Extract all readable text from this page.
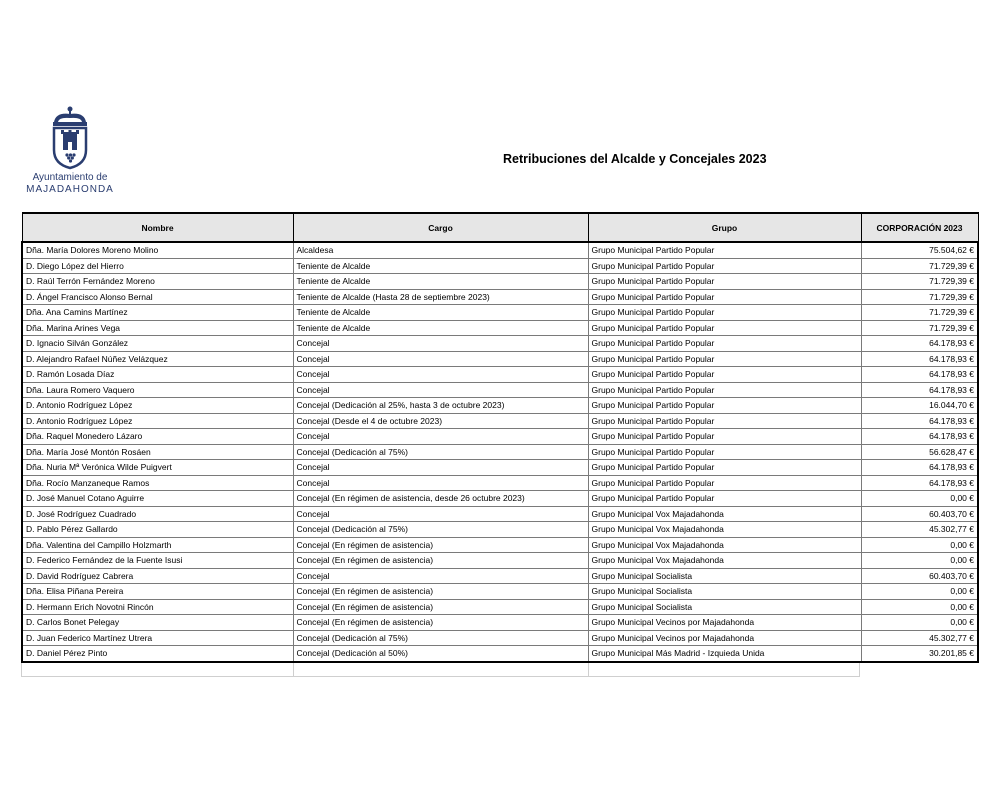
Ayuntamiento de
MAJADAHONDA
Retribuciones del Alcalde y Concejales 2023
Nombre	Cargo	Grupo	CORPORACIÓN 2023
Dña. María Dolores Moreno Molino	Alcaldesa	Grupo Municipal Partido Popular	75.504,62 €
D. Diego López del Hierro	Teniente de Alcalde	Grupo Municipal Partido Popular	71.729,39 €
D. Raúl Terrón Fernández Moreno	Teniente de Alcalde	Grupo Municipal Partido Popular	71.729,39 €
D. Ángel Francisco Alonso Bernal	Teniente de Alcalde (Hasta 28 de septiembre 2023)	Grupo Municipal Partido Popular	71.729,39 €
Dña. Ana Camins Martínez	Teniente de Alcalde	Grupo Municipal Partido Popular	71.729,39 €
Dña. Marina Arines Vega	Teniente de Alcalde	Grupo Municipal Partido Popular	71.729,39 €
D. Ignacio Silván González	Concejal	Grupo Municipal Partido Popular	64.178,93 €
D. Alejandro Rafael Núñez Velázquez	Concejal	Grupo Municipal Partido Popular	64.178,93 €
D. Ramón Losada Díaz	Concejal	Grupo Municipal Partido Popular	64.178,93 €
Dña. Laura Romero Vaquero	Concejal	Grupo Municipal Partido Popular	64.178,93 €
D. Antonio Rodríguez López	Concejal (Dedicación al 25%, hasta 3 de octubre 2023)	Grupo Municipal Partido Popular	16.044,70 €
D. Antonio Rodríguez López	Concejal (Desde el 4 de octubre 2023)	Grupo Municipal Partido Popular	64.178,93 €
Dña. Raquel Monedero Lázaro	Concejal	Grupo Municipal Partido Popular	64.178,93 €
Dña. María José Montón Rosáen	Concejal (Dedicación al 75%)	Grupo Municipal Partido Popular	56.628,47 €
Dña. Nuria Mª Verónica Wilde Puigvert	Concejal	Grupo Municipal Partido Popular	64.178,93 €
Dña. Rocío Manzaneque Ramos	Concejal	Grupo Municipal Partido Popular	64.178,93 €
D. José Manuel Cotano Aguirre	Concejal (En régimen de asistencia, desde 26 octubre 2023)	Grupo Municipal Partido Popular	0,00 €
D. José Rodríguez Cuadrado	Concejal	Grupo Municipal Vox Majadahonda	60.403,70 €
D. Pablo Pérez Gallardo	Concejal (Dedicación al 75%)	Grupo Municipal Vox Majadahonda	45.302,77 €
Dña. Valentina del Campillo Holzmarth	Concejal (En régimen de asistencia)	Grupo Municipal Vox Majadahonda	0,00 €
D. Federico Fernández de la Fuente Isusi	Concejal (En régimen de asistencia)	Grupo Municipal Vox Majadahonda	0,00 €
D. David Rodríguez Cabrera	Concejal	Grupo Municipal Socialista	60.403,70 €
Dña. Elisa Piñana Pereira	Concejal (En régimen de asistencia)	Grupo Municipal Socialista	0,00 €
D. Hermann Erich Novotni Rincón	Concejal (En régimen de asistencia)	Grupo Municipal Socialista	0,00 €
D. Carlos Bonet Pelegay	Concejal (En régimen de asistencia)	Grupo Municipal Vecinos por Majadahonda	0,00 €
D. Juan Federico Martínez Utrera	Concejal (Dedicación al 75%)	Grupo Municipal Vecinos por Majadahonda	45.302,77 €
D. Daniel Pérez Pinto	Concejal (Dedicación al 50%)	Grupo Municipal Más Madrid - Izquieda Unida	30.201,85 €
